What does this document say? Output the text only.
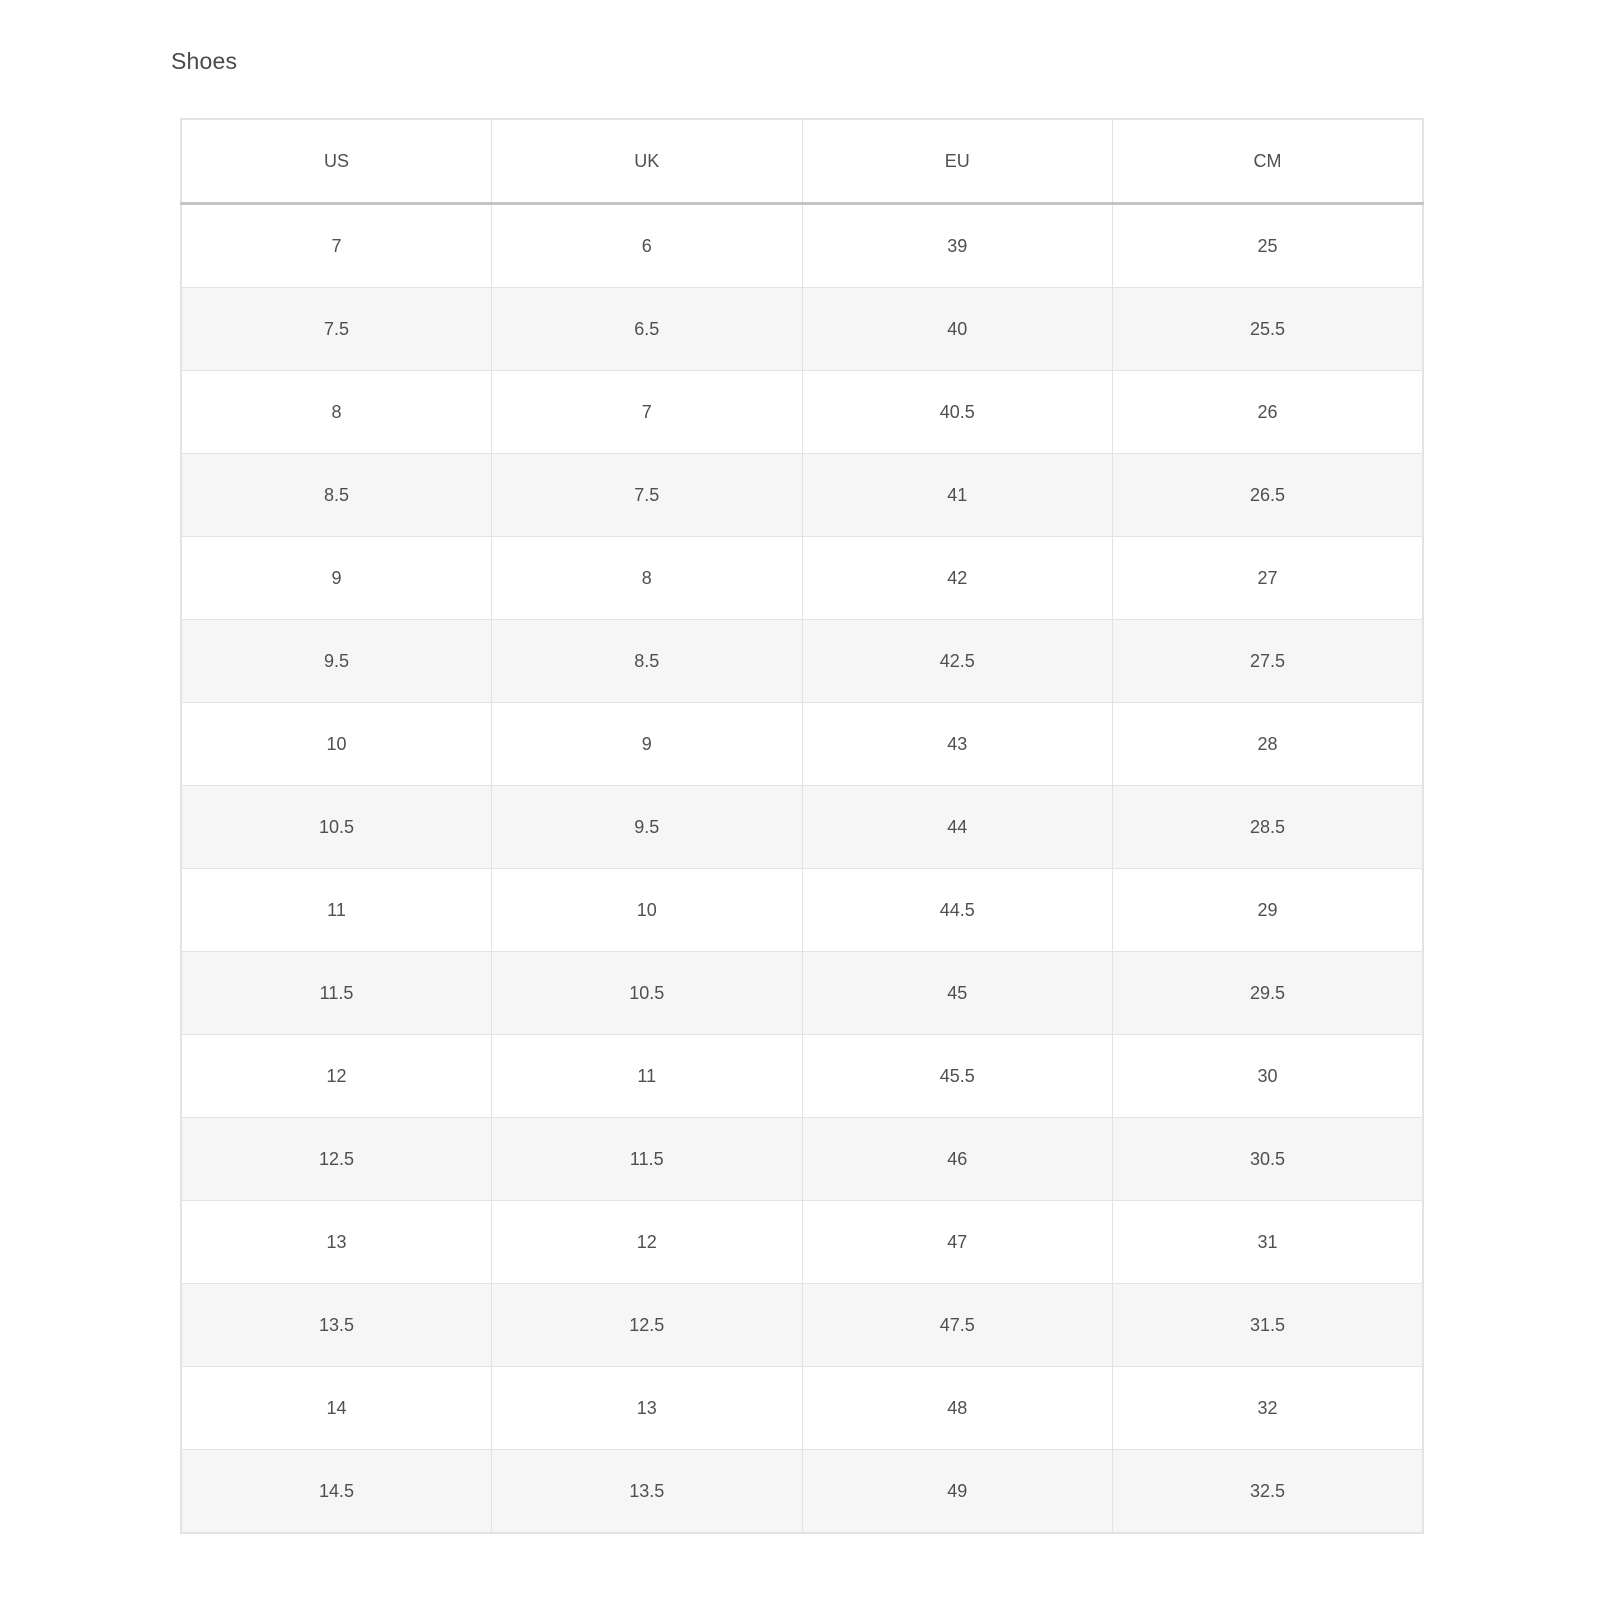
Shoes
US	UK	EU	CM
7	6	39	25
7.5	6.5	40	25.5
8	7	40.5	26
8.5	7.5	41	26.5
9	8	42	27
9.5	8.5	42.5	27.5
10	9	43	28
10.5	9.5	44	28.5
11	10	44.5	29
11.5	10.5	45	29.5
12	11	45.5	30
12.5	11.5	46	30.5
13	12	47	31
13.5	12.5	47.5	31.5
14	13	48	32
14.5	13.5	49	32.5
